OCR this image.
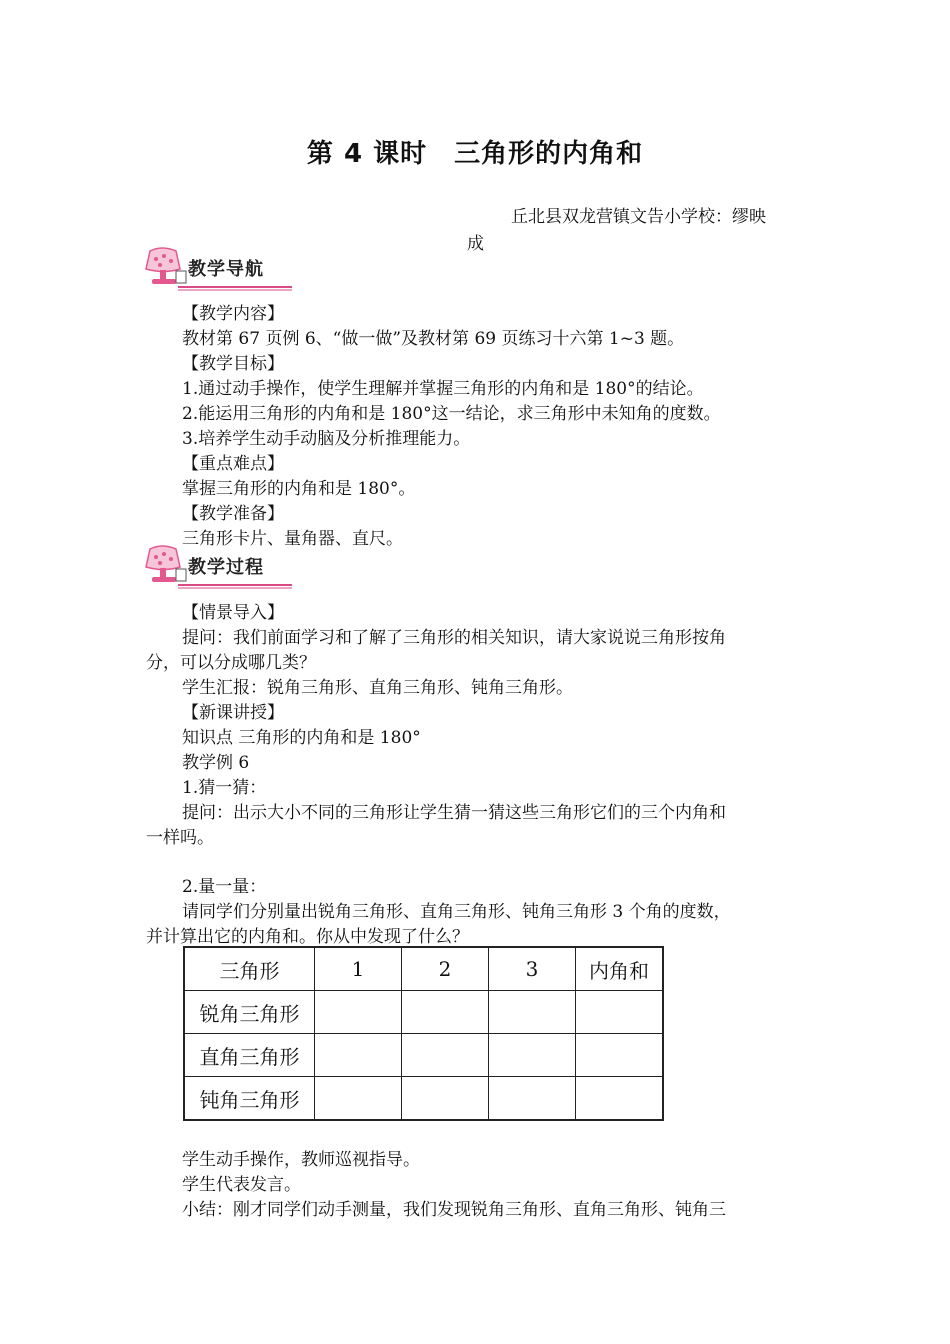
第 4 课时　三角形的内角和
丘北县双龙营镇文告小学校：缪映
成
教学导航
【教学内容】
教材第 67 页例 6、“做一做”及教材第 69 页练习十六第 1~3 题。
【教学目标】
1.通过动手操作，使学生理解并掌握三角形的内角和是 180°的结论。
2.能运用三角形的内角和是 180°这一结论，求三角形中未知角的度数。
3.培养学生动手动脑及分析推理能力。
【重点难点】
掌握三角形的内角和是 180°。
【教学准备】
三角形卡片、量角器、直尺。
教学过程
【情景导入】
提问：我们前面学习和了解了三角形的相关知识，请大家说说三角形按角
分，可以分成哪几类？
学生汇报：锐角三角形、直角三角形、钝角三角形。
【新课讲授】
知识点 三角形的内角和是 180°
教学例 6
1.猜一猜：
提问：出示大小不同的三角形让学生猜一猜这些三角形它们的三个内角和
一样吗。
2.量一量：
请同学们分别量出锐角三角形、直角三角形、钝角三角形 3 个角的度数，
并计算出它的内角和。你从中发现了什么？
三角形	1	2	3	内角和
锐角三角形				
直角三角形				
钝角三角形				
学生动手操作，教师巡视指导。
学生代表发言。
小结：刚才同学们动手测量，我们发现锐角三角形、直角三角形、钝角三
